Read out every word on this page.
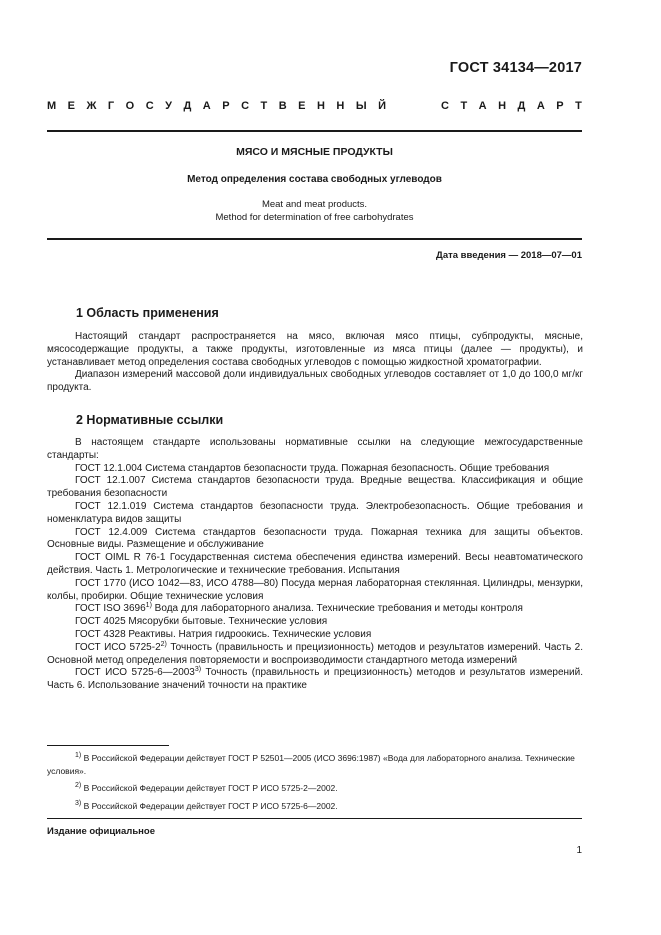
ГОСТ 34134—2017
М Е Ж Г О С У Д А Р С Т В Е Н Н Ы Й	С Т А Н Д А Р Т
МЯСО И МЯСНЫЕ ПРОДУКТЫ
Метод определения состава свободных углеводов
Meat and meat products.
Method for determination of free carbohydrates
Дата введения — 2018—07—01
1 Область применения

Настоящий стандарт распространяется на мясо, включая мясо птицы, субпродукты, мясные, мясосодержащие продукты, а также продукты, изготовленные из мяса птицы (далее — продукты), и устанавливает метод определения состава свободных углеводов с помощью жидкостной хроматографии.

Диапазон измерений массовой доли индивидуальных свободных углеводов составляет от 1,0 до 100,0 мг/кг продукта.

2 Нормативные ссылки

В настоящем стандарте использованы нормативные ссылки на следующие межгосударственные стандарты:

ГОСТ 12.1.004 Система стандартов безопасности труда. Пожарная безопасность. Общие требования

ГОСТ 12.1.007 Система стандартов безопасности труда. Вредные вещества. Классификация и общие требования безопасности

ГОСТ 12.1.019 Система стандартов безопасности труда. Электробезопасность. Общие требования и номенклатура видов защиты

ГОСТ 12.4.009 Система стандартов безопасности труда. Пожарная техника для защиты объектов. Основные виды. Размещение и обслуживание

ГОСТ OIML R 76-1 Государственная система обеспечения единства измерений. Весы неавтоматического действия. Часть 1. Метрологические и технические требования. Испытания

ГОСТ 1770 (ИСО 1042—83, ИСО 4788—80) Посуда мерная лабораторная стеклянная. Цилиндры, мензурки, колбы, пробирки. Общие технические условия

ГОСТ ISO 3696$^{1)}$ Вода для лабораторного анализа. Технические требования и методы контроля

ГОСТ 4025 Мясорубки бытовые. Технические условия

ГОСТ 4328 Реактивы. Натрия гидроокись. Технические условия

ГОСТ ИСО 5725-2$^{2)}$ Точность (правильность и прецизионность) методов и результатов измерений. Часть 2. Основной метод определения повторяемости и воспроизводимости стандартного метода измерений

ГОСТ ИСО 5725-6—2003$^{3)}$ Точность (правильность и прецизионность) методов и результатов измерений. Часть 6. Использование значений точности на практике

$^{1)}$ В Российской Федерации действует ГОСТ Р 52501—2005 (ИСО 3696:1987) «Вода для лабораторного анализа. Технические условия».

$^{2)}$ В Российской Федерации действует ГОСТ Р ИСО 5725-2—2002.

$^{3)}$ В Российской Федерации действует ГОСТ Р ИСО 5725-6—2002.

Издание официальное
1
